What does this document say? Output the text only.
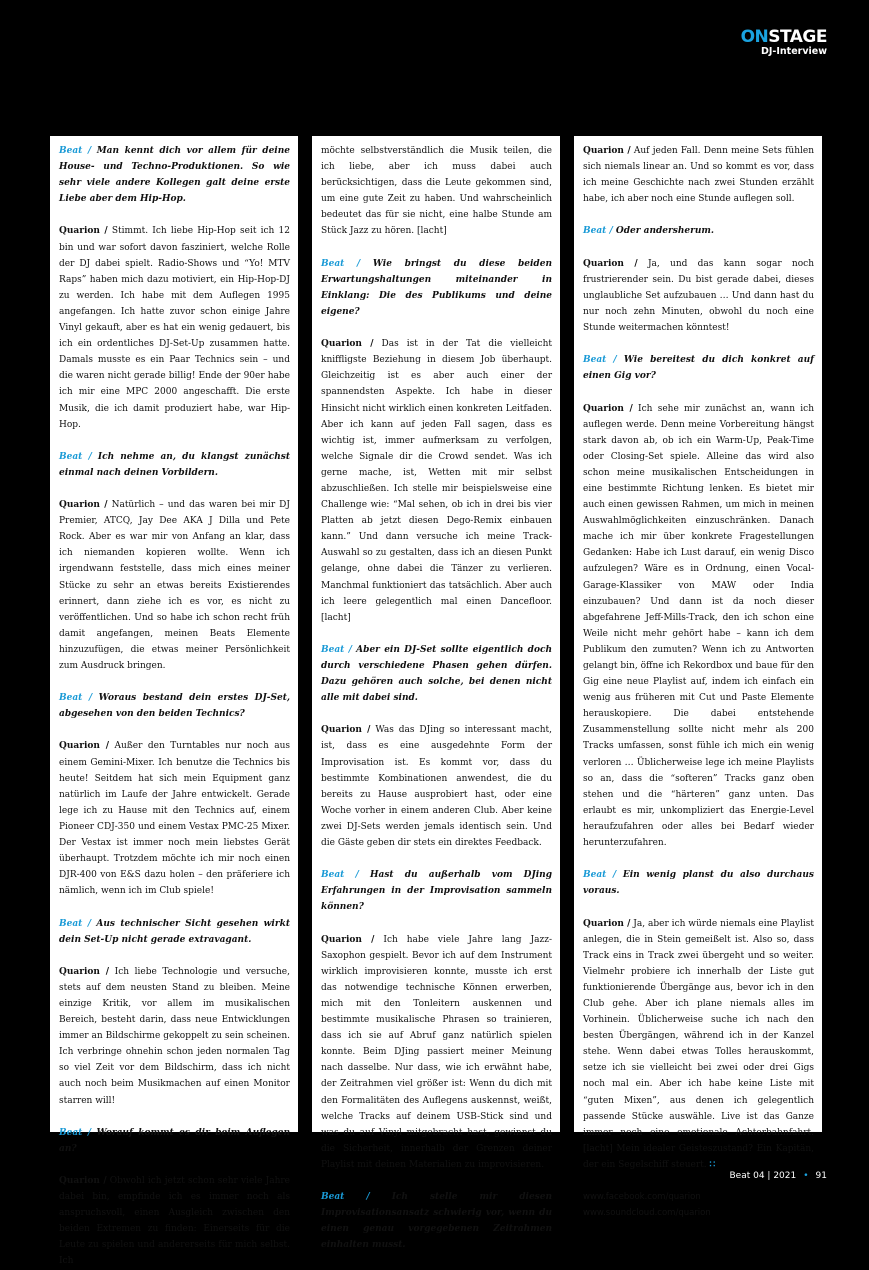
ONSTAGE
DJ-Interview

Beat / Man kennt dich vor allem für deine House- und Techno-Produktionen. So wie sehr viele andere Kollegen galt deine erste Liebe aber dem Hip-Hop.

Quarion / Stimmt. Ich liebe Hip-Hop seit ich 12 bin und war sofort davon fasziniert, welche Rolle der DJ dabei spielt. Radio-Shows und “Yo! MTV Raps” haben mich dazu motiviert, ein Hip-Hop-DJ zu werden. Ich habe mit dem Auflegen 1995 angefangen. Ich hatte zuvor schon einige Jahre Vinyl gekauft, aber es hat ein wenig gedauert, bis ich ein ordentliches DJ-Set-Up zusammen hatte. Damals musste es ein Paar Technics sein – und die waren nicht gerade billig! Ende der 90er habe ich mir eine MPC 2000 angeschafft. Die erste Musik, die ich damit produziert habe, war Hip-Hop.

Beat / Ich nehme an, du klangst zunächst einmal nach deinen Vorbildern.

Quarion / Natürlich – und das waren bei mir DJ Premier, ATCQ, Jay Dee AKA J Dilla und Pete Rock. Aber es war mir von Anfang an klar, dass ich niemanden kopieren wollte. Wenn ich irgendwann feststelle, dass mich eines meiner Stücke zu sehr an etwas bereits Existierendes erinnert, dann ziehe ich es vor, es nicht zu veröffentlichen. Und so habe ich schon recht früh damit angefangen, meinen Beats Elemente hinzuzufügen, die etwas meiner Persönlichkeit zum Ausdruck bringen.

Beat / Woraus bestand dein erstes DJ-Set, abgesehen von den beiden Technics?

Quarion / Außer den Turntables nur noch aus einem Gemini-Mixer. Ich benutze die Technics bis heute! Seitdem hat sich mein Equipment ganz natürlich im Laufe der Jahre entwickelt. Gerade lege ich zu Hause mit den Technics auf, einem Pioneer CDJ-350 und einem Vestax PMC-25 Mixer. Der Vestax ist immer noch mein liebstes Gerät überhaupt. Trotzdem möchte ich mir noch einen DJR-400 von E&S dazu holen – den präferiere ich nämlich, wenn ich im Club spiele!

Beat / Aus technischer Sicht gesehen wirkt dein Set-Up nicht gerade extravagant.

Quarion / Ich liebe Technologie und versuche, stets auf dem neusten Stand zu bleiben. Meine einzige Kritik, vor allem im musikalischen Bereich, besteht darin, dass neue Entwicklungen immer an Bildschirme gekoppelt zu sein scheinen. Ich verbringe ohnehin schon jeden normalen Tag so viel Zeit vor dem Bildschirm, dass ich nicht auch noch beim Musikmachen auf einen Monitor starren will!

Beat / Worauf kommt es dir beim Auflegen an?

Quarion / Obwohl ich jetzt schon sehr viele Jahre dabei bin, empfinde ich es immer noch als anspruchsvoll, einen Ausgleich zwischen den beiden Extremen zu finden: Einerseits für die Leute zu spielen und andererseits für mich selbst. Ich

möchte selbstverständlich die Musik teilen, die ich liebe, aber ich muss dabei auch berücksichtigen, dass die Leute gekommen sind, um eine gute Zeit zu haben. Und wahrscheinlich bedeutet das für sie nicht, eine halbe Stunde am Stück Jazz zu hören. [lacht]

Beat / Wie bringst du diese beiden Erwartungshaltungen miteinander in Einklang: Die des Publikums und deine eigene?

Quarion / Das ist in der Tat die vielleicht kniffligste Beziehung in diesem Job überhaupt. Gleichzeitig ist es aber auch einer der spannendsten Aspekte. Ich habe in dieser Hinsicht nicht wirklich einen konkreten Leitfaden. Aber ich kann auf jeden Fall sagen, dass es wichtig ist, immer aufmerksam zu verfolgen, welche Signale dir die Crowd sendet. Was ich gerne mache, ist, Wetten mit mir selbst abzuschließen. Ich stelle mir beispielsweise eine Challenge wie: “Mal sehen, ob ich in drei bis vier Platten ab jetzt diesen Dego-Remix einbauen kann.” Und dann versuche ich meine Track-Auswahl so zu gestalten, dass ich an diesen Punkt gelange, ohne dabei die Tänzer zu verlieren. Manchmal funktioniert das tatsächlich. Aber auch ich leere gelegentlich mal einen Dancefloor. [lacht]

Beat / Aber ein DJ-Set sollte eigentlich doch durch verschiedene Phasen gehen dürfen. Dazu gehören auch solche, bei denen nicht alle mit dabei sind.

Quarion / Was das DJing so interessant macht, ist, dass es eine ausgedehnte Form der Improvisation ist. Es kommt vor, dass du bestimmte Kombinationen anwendest, die du bereits zu Hause ausprobiert hast, oder eine Woche vorher in einem anderen Club. Aber keine zwei DJ-Sets werden jemals identisch sein. Und die Gäste geben dir stets ein direktes Feedback.

Beat / Hast du außerhalb vom DJing Erfahrungen in der Improvisation sammeln können?

Quarion / Ich habe viele Jahre lang Jazz-Saxophon gespielt. Bevor ich auf dem Instrument wirklich improvisieren konnte, musste ich erst das notwendige technische Können erwerben, mich mit den Tonleitern auskennen und bestimmte musikalische Phrasen so trainieren, dass ich sie auf Abruf ganz natürlich spielen konnte. Beim DJing passiert meiner Meinung nach dasselbe. Nur dass, wie ich erwähnt habe, der Zeitrahmen viel größer ist: Wenn du dich mit den Formalitäten des Auflegens auskennst, weißt, welche Tracks auf deinem USB-Stick sind und was du auf Vinyl mitgebracht hast, gewinnst du die Sicherheit, innerhalb der Grenzen deiner Playlist mit deinen Materialien zu improvisieren.

Beat / Ich stelle mir diesen Improvisationsansatz schwierig vor, wenn du einen genau vorgegebenen Zeitrahmen einhalten musst.

Quarion / Auf jeden Fall. Denn meine Sets fühlen sich niemals linear an. Und so kommt es vor, dass ich meine Geschichte nach zwei Stunden erzählt habe, ich aber noch eine Stunde auflegen soll.

Beat / Oder andersherum.

Quarion / Ja, und das kann sogar noch frustrierender sein. Du bist gerade dabei, dieses unglaubliche Set aufzubauen … Und dann hast du nur noch zehn Minuten, obwohl du noch eine Stunde weitermachen könntest!

Beat / Wie bereitest du dich konkret auf einen Gig vor?

Quarion / Ich sehe mir zunächst an, wann ich auflegen werde. Denn meine Vorbereitung hängst stark davon ab, ob ich ein Warm-Up, Peak-Time oder Closing-Set spiele. Alleine das wird also schon meine musikalischen Entscheidungen in eine bestimmte Richtung lenken. Es bietet mir auch einen gewissen Rahmen, um mich in meinen Auswahlmöglichkeiten einzuschränken. Danach mache ich mir über konkrete Fragestellungen Gedanken: Habe ich Lust darauf, ein wenig Disco aufzulegen? Wäre es in Ordnung, einen Vocal-Garage-Klassiker von MAW oder India einzubauen? Und dann ist da noch dieser abgefahrene Jeff-Mills-Track, den ich schon eine Weile nicht mehr gehört habe – kann ich dem Publikum den zumuten? Wenn ich zu Antworten gelangt bin, öffne ich Rekordbox und baue für den Gig eine neue Playlist auf, indem ich einfach ein wenig aus früheren mit Cut und Paste Elemente herauskopiere. Die dabei entstehende Zusammenstellung sollte nicht mehr als 200 Tracks umfassen, sonst fühle ich mich ein wenig verloren … Üblicherweise lege ich meine Playlists so an, dass die “softeren” Tracks ganz oben stehen und die “härteren” ganz unten. Das erlaubt es mir, unkompliziert das Energie-Level heraufzufahren oder alles bei Bedarf wieder herunterzufahren.

Beat / Ein wenig planst du also durchaus voraus.

Quarion / Ja, aber ich würde niemals eine Playlist anlegen, die in Stein gemeißelt ist. Also so, dass Track eins in Track zwei übergeht und so weiter. Vielmehr probiere ich innerhalb der Liste gut funktionierende Übergänge aus, bevor ich in den Club gehe. Aber ich plane niemals alles im Vorhinein. Üblicherweise suche ich nach den besten Übergängen, während ich in der Kanzel stehe. Wenn dabei etwas Tolles herauskommt, setze ich sie vielleicht bei zwei oder drei Gigs noch mal ein. Aber ich habe keine Liste mit “guten Mixen”, aus denen ich gelegentlich passende Stücke auswähle. Live ist das Ganze immer noch eine emotionale Achterbahnfahrt. [lacht] Mein idealer Geisteszustand? Ein Kapitän, der ein Segelschiff steuert. ∷

www.facebook.com/quarion

www.soundcloud.com/quarion

Beat 04 | 2021 • 91
